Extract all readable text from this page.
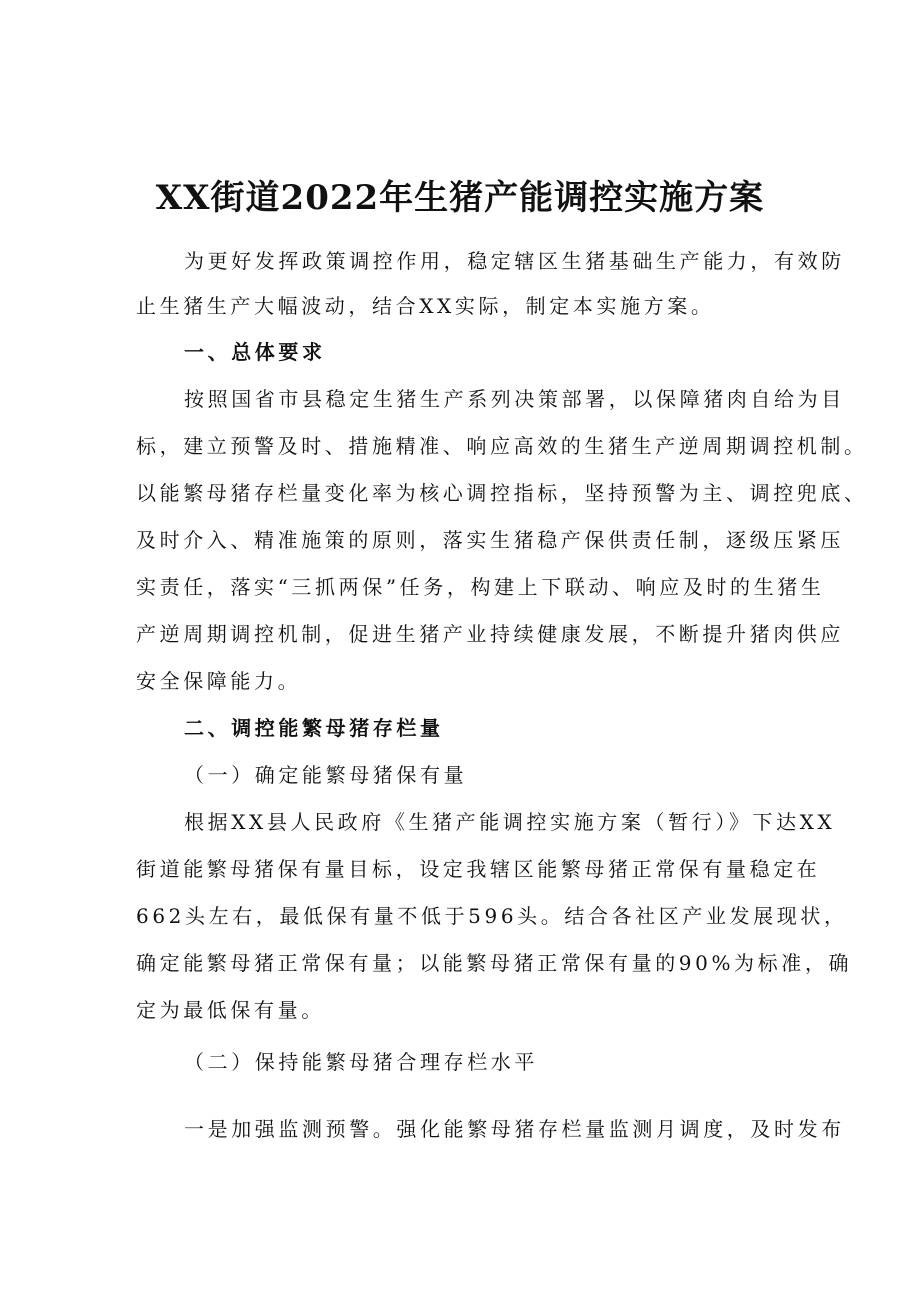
XX街道2022年生猪产能调控实施方案
为更好发挥政策调控作用，稳定辖区生猪基础生产能力，有效防
止生猪生产大幅波动，结合XX实际，制定本实施方案。
一、总体要求
按照国省市县稳定生猪生产系列决策部署，以保障猪肉自给为目
标，建立预警及时、措施精准、响应高效的生猪生产逆周期调控机制。
以能繁母猪存栏量变化率为核心调控指标，坚持预警为主、调控兜底、
及时介入、精准施策的原则，落实生猪稳产保供责任制，逐级压紧压
实责任，落实“三抓两保”任务，构建上下联动、响应及时的生猪生
产逆周期调控机制，促进生猪产业持续健康发展，不断提升猪肉供应
安全保障能力。
二、调控能繁母猪存栏量
（一）确定能繁母猪保有量
根据XX县人民政府《生猪产能调控实施方案（暂行）》下达XX
街道能繁母猪保有量目标，设定我辖区能繁母猪正常保有量稳定在
662头左右，最低保有量不低于596头。结合各社区产业发展现状，
确定能繁母猪正常保有量；以能繁母猪正常保有量的90%为标准，确
定为最低保有量。
（二）保持能繁母猪合理存栏水平
一是加强监测预警。强化能繁母猪存栏量监测月调度，及时发布
